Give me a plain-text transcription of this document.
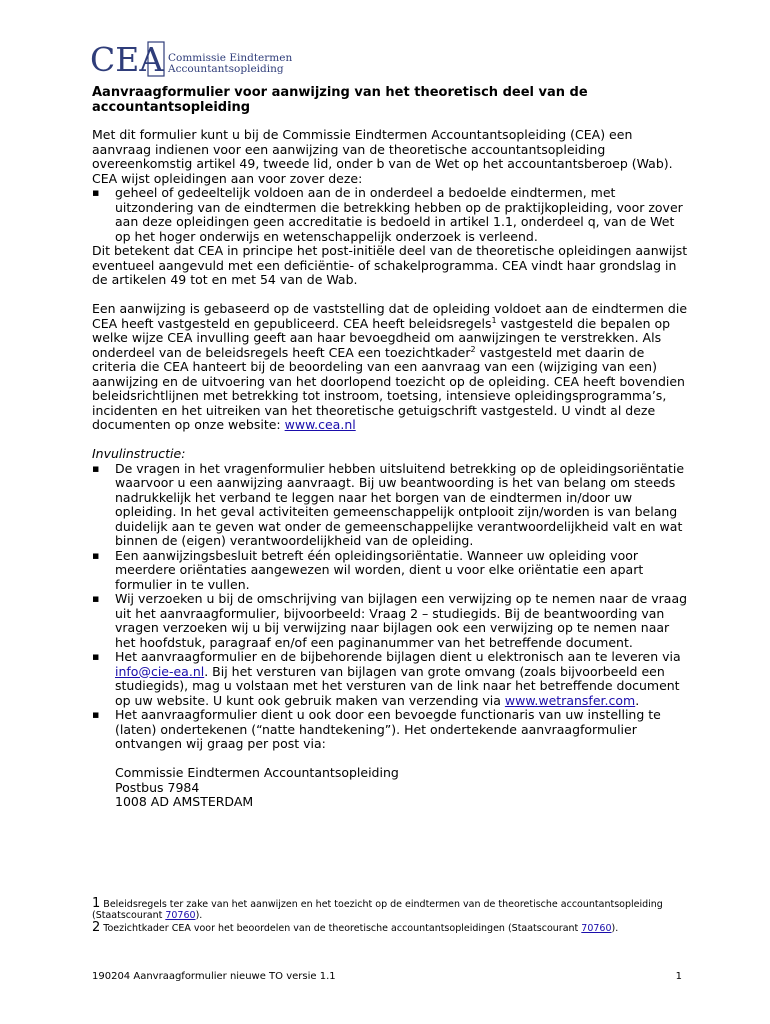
CEA Commissie Eindtermen
Accountantsopleiding
Aanvraagformulier voor aanwijzing van het theoretisch deel van de accountantsopleiding

Met dit formulier kunt u bij de Commissie Eindtermen Accountantsopleiding (CEA) een aanvraag indienen voor een aanwijzing van de theoretische accountantsopleiding overeenkomstig artikel 49, tweede lid, onder b van de Wet op het accountantsberoep (Wab). CEA wijst opleidingen aan voor zover deze:

▪ geheel of gedeeltelijk voldoen aan de in onderdeel a bedoelde eindtermen, met uitzondering van de eindtermen die betrekking hebben op de praktijkopleiding, voor zover aan deze opleidingen geen accreditatie is bedoeld in artikel 1.1, onderdeel q, van de Wet op het hoger onderwijs en wetenschappelijk onderzoek is verleend.

Dit betekent dat CEA in principe het post-initiële deel van de theoretische opleidingen aanwijst eventueel aangevuld met een deficiëntie- of schakelprogramma. CEA vindt haar grondslag in de artikelen 49 tot en met 54 van de Wab.

Een aanwijzing is gebaseerd op de vaststelling dat de opleiding voldoet aan de eindtermen die CEA heeft vastgesteld en gepubliceerd. CEA heeft beleidsregels$^1$ vastgesteld die bepalen op welke wijze CEA invulling geeft aan haar bevoegdheid om aanwijzingen te verstrekken. Als onderdeel van de beleidsregels heeft CEA een toezichtkader$^2$ vastgesteld met daarin de criteria die CEA hanteert bij de beoordeling van een aanvraag van een (wijziging van een) aanwijzing en de uitvoering van het doorlopend toezicht op de opleiding. CEA heeft bovendien beleidsrichtlijnen met betrekking tot instroom, toetsing, intensieve opleidingsprogramma’s, incidenten en het uitreiken van het theoretische getuigschrift vastgesteld. U vindt al deze documenten op onze website: www.cea.nl

Invulinstructie:

▪ De vragen in het vragenformulier hebben uitsluitend betrekking op de opleidingsoriëntatie waarvoor u een aanwijzing aanvraagt. Bij uw beantwoording is het van belang om steeds nadrukkelijk het verband te leggen naar het borgen van de eindtermen in/door uw opleiding. In het geval activiteiten gemeenschappelijk ontplooit zijn/worden is van belang duidelijk aan te geven wat onder de gemeenschappelijke verantwoordelijkheid valt en wat binnen de (eigen) verantwoordelijkheid van de opleiding.
▪ Een aanwijzingsbesluit betreft één opleidingsoriëntatie. Wanneer uw opleiding voor meerdere oriëntaties aangewezen wil worden, dient u voor elke oriëntatie een apart formulier in te vullen.
▪ Wij verzoeken u bij de omschrijving van bijlagen een verwijzing op te nemen naar de vraag uit het aanvraagformulier, bijvoorbeeld: Vraag 2 – studiegids. Bij de beantwoording van vragen verzoeken wij u bij verwijzing naar bijlagen ook een verwijzing op te nemen naar het hoofdstuk, paragraaf en/of een paginanummer van het betreffende document.
▪ Het aanvraagformulier en de bijbehorende bijlagen dient u elektronisch aan te leveren via info@cie-ea.nl. Bij het versturen van bijlagen van grote omvang (zoals bijvoorbeeld een studiegids), mag u volstaan met het versturen van de link naar het betreffende document op uw website. U kunt ook gebruik maken van verzending via www.wetransfer.com.
▪ Het aanvraagformulier dient u ook door een bevoegde functionaris van uw instelling te (laten) ondertekenen (“natte handtekening”). Het ondertekende aanvraagformulier ontvangen wij graag per post via:
Commissie Eindtermen Accountantsopleiding
Postbus 7984
1008 AD AMSTERDAM
1 Beleidsregels ter zake van het aanwijzen en het toezicht op de eindtermen van de theoretische accountantsopleiding (Staatscourant 70760).
2 Toezichtkader CEA voor het beoordelen van de theoretische accountantsopleidingen (Staatscourant 70760).
190204 Aanvraagformulier nieuwe TO versie 1.1	1
